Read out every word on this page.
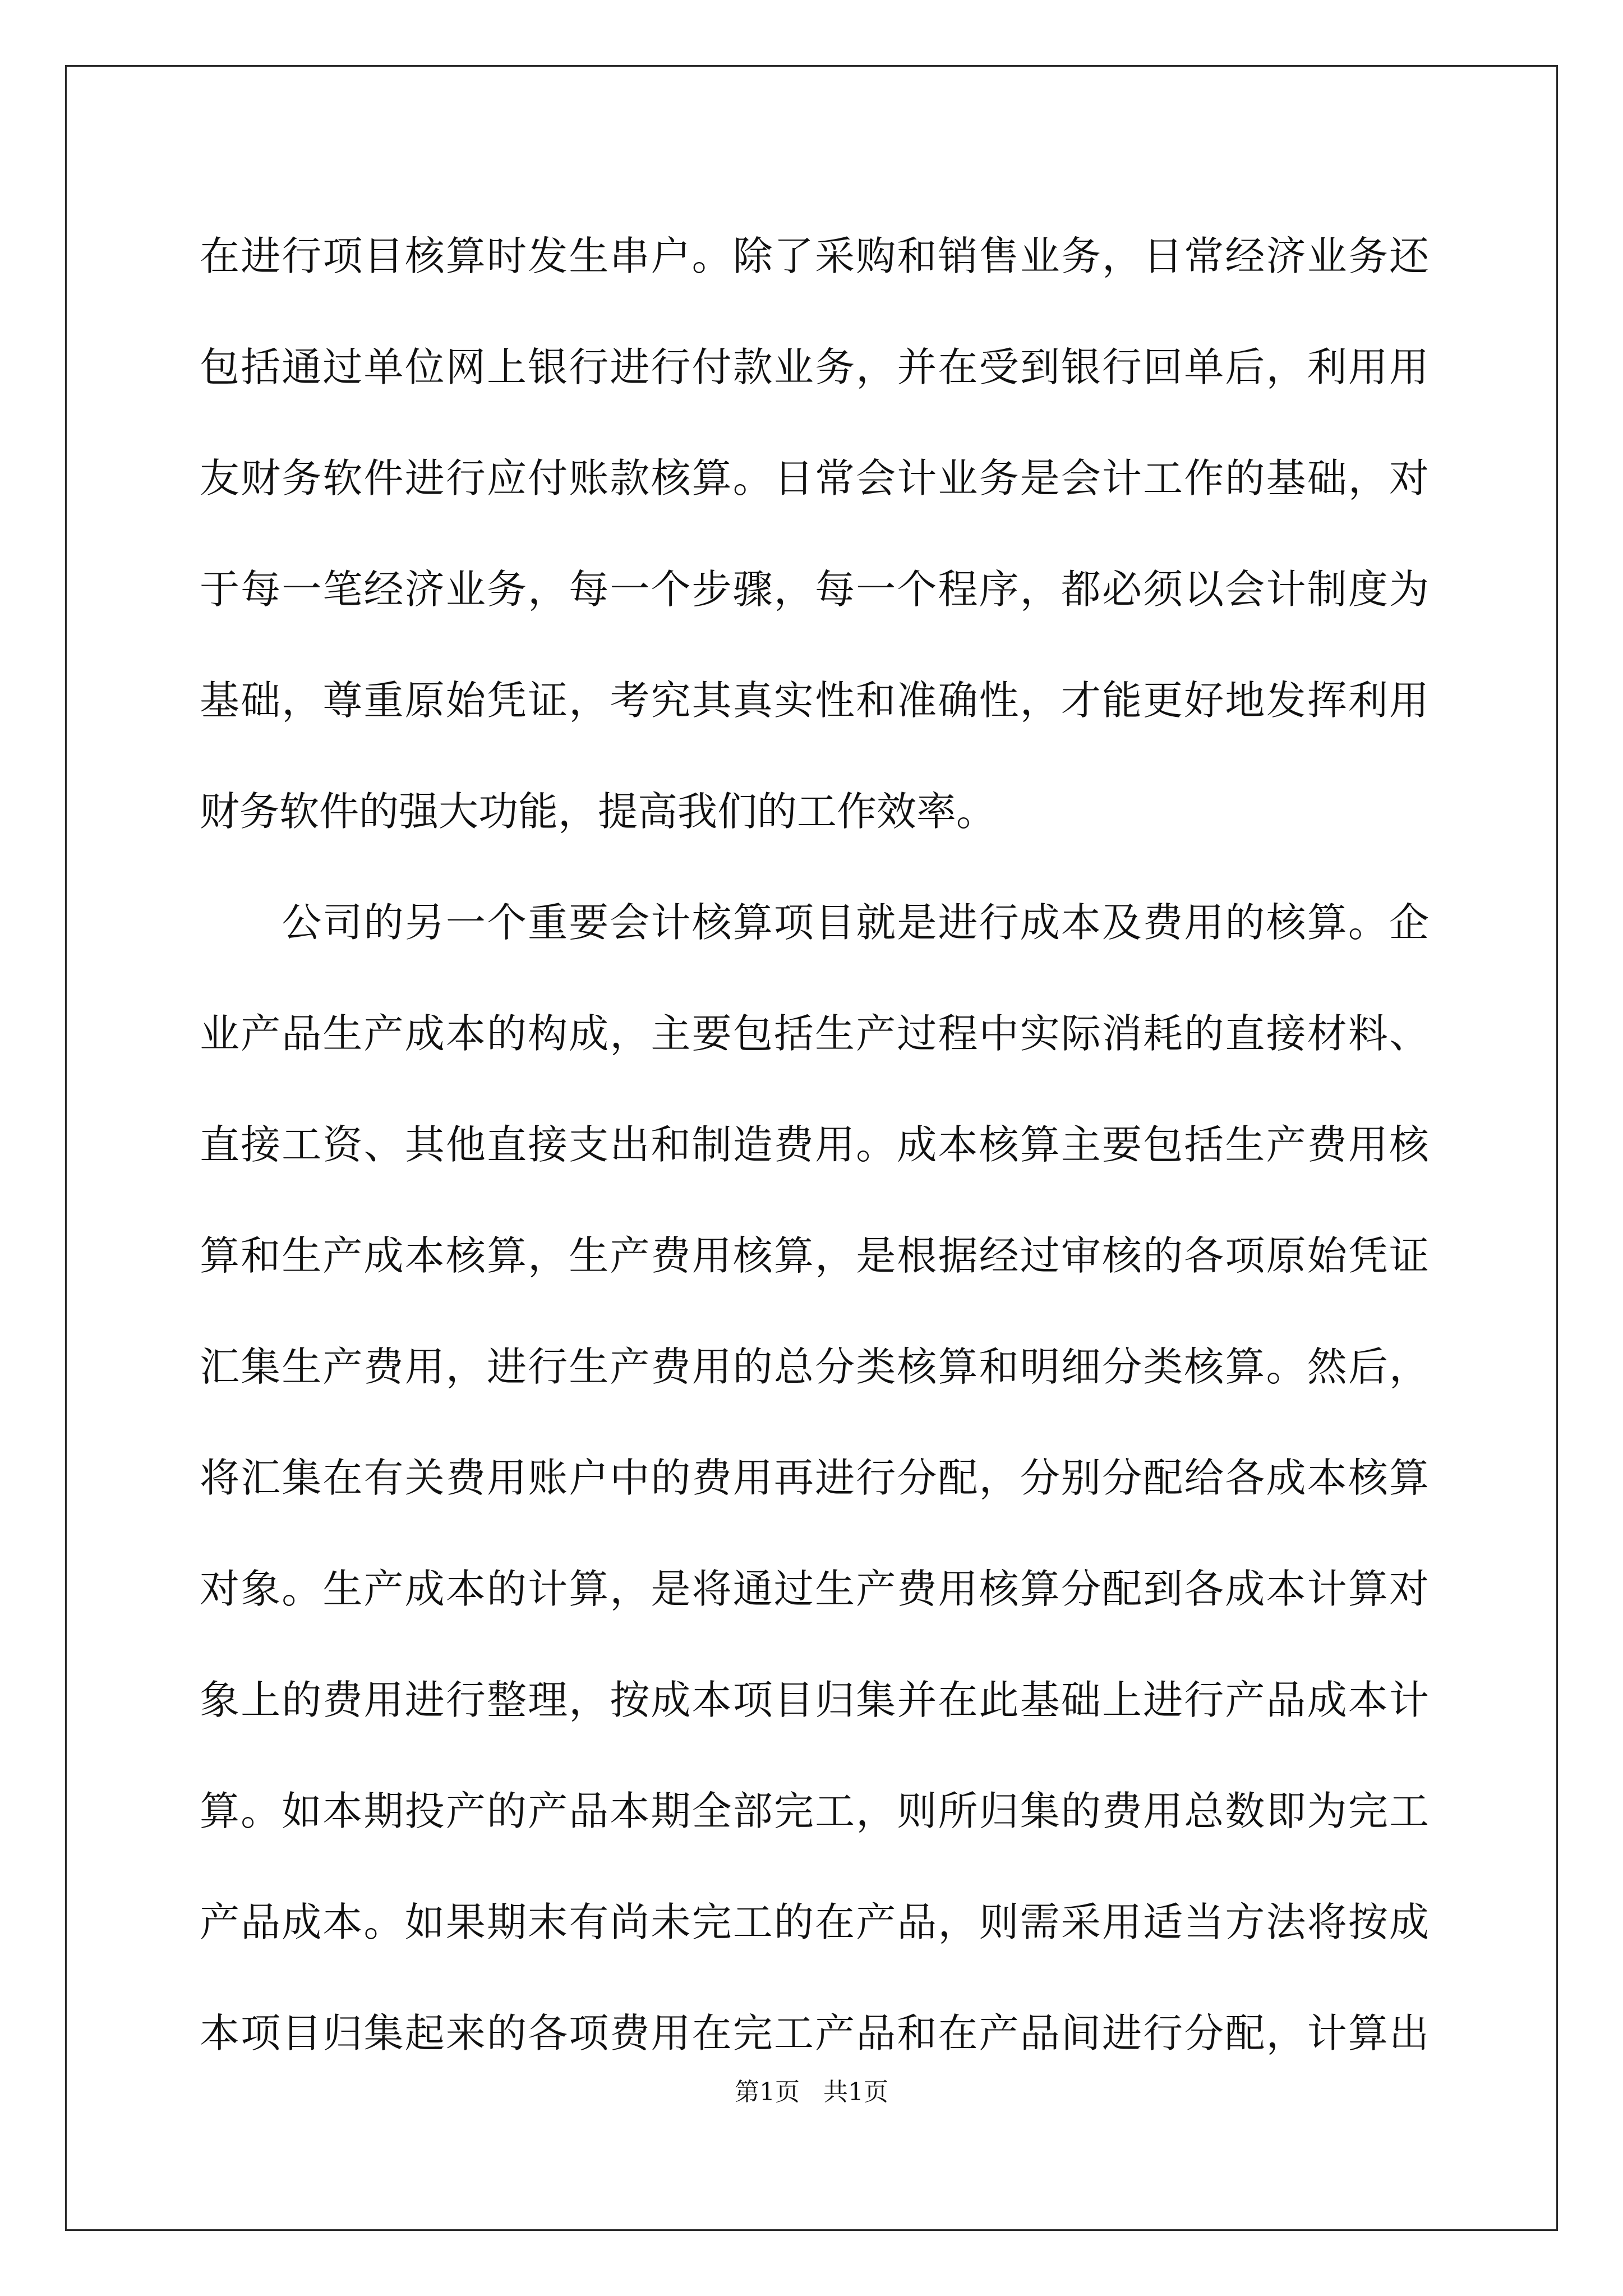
在进行项目核算时发生串户。除了采购和销售业务，日常经济业务还
包括通过单位网上银行进行付款业务，并在受到银行回单后，利用用
友财务软件进行应付账款核算。日常会计业务是会计工作的基础，对
于每一笔经济业务，每一个步骤，每一个程序，都必须以会计制度为
基础，尊重原始凭证，考究其真实性和准确性，才能更好地发挥利用
财务软件的强大功能，提高我们的工作效率。
　　公司的另一个重要会计核算项目就是进行成本及费用的核算。企
业产品生产成本的构成，主要包括生产过程中实际消耗的直接材料、
直接工资、其他直接支出和制造费用。成本核算主要包括生产费用核
算和生产成本核算，生产费用核算，是根据经过审核的各项原始凭证
汇集生产费用，进行生产费用的总分类核算和明细分类核算。然后，
将汇集在有关费用账户中的费用再进行分配，分别分配给各成本核算
对象。生产成本的计算，是将通过生产费用核算分配到各成本计算对
象上的费用进行整理，按成本项目归集并在此基础上进行产品成本计
算。如本期投产的产品本期全部完工，则所归集的费用总数即为完工
产品成本。如果期末有尚未完工的在产品，则需采用适当方法将按成
本项目归集起来的各项费用在完工产品和在产品间进行分配，计算出
第1页   共1页
